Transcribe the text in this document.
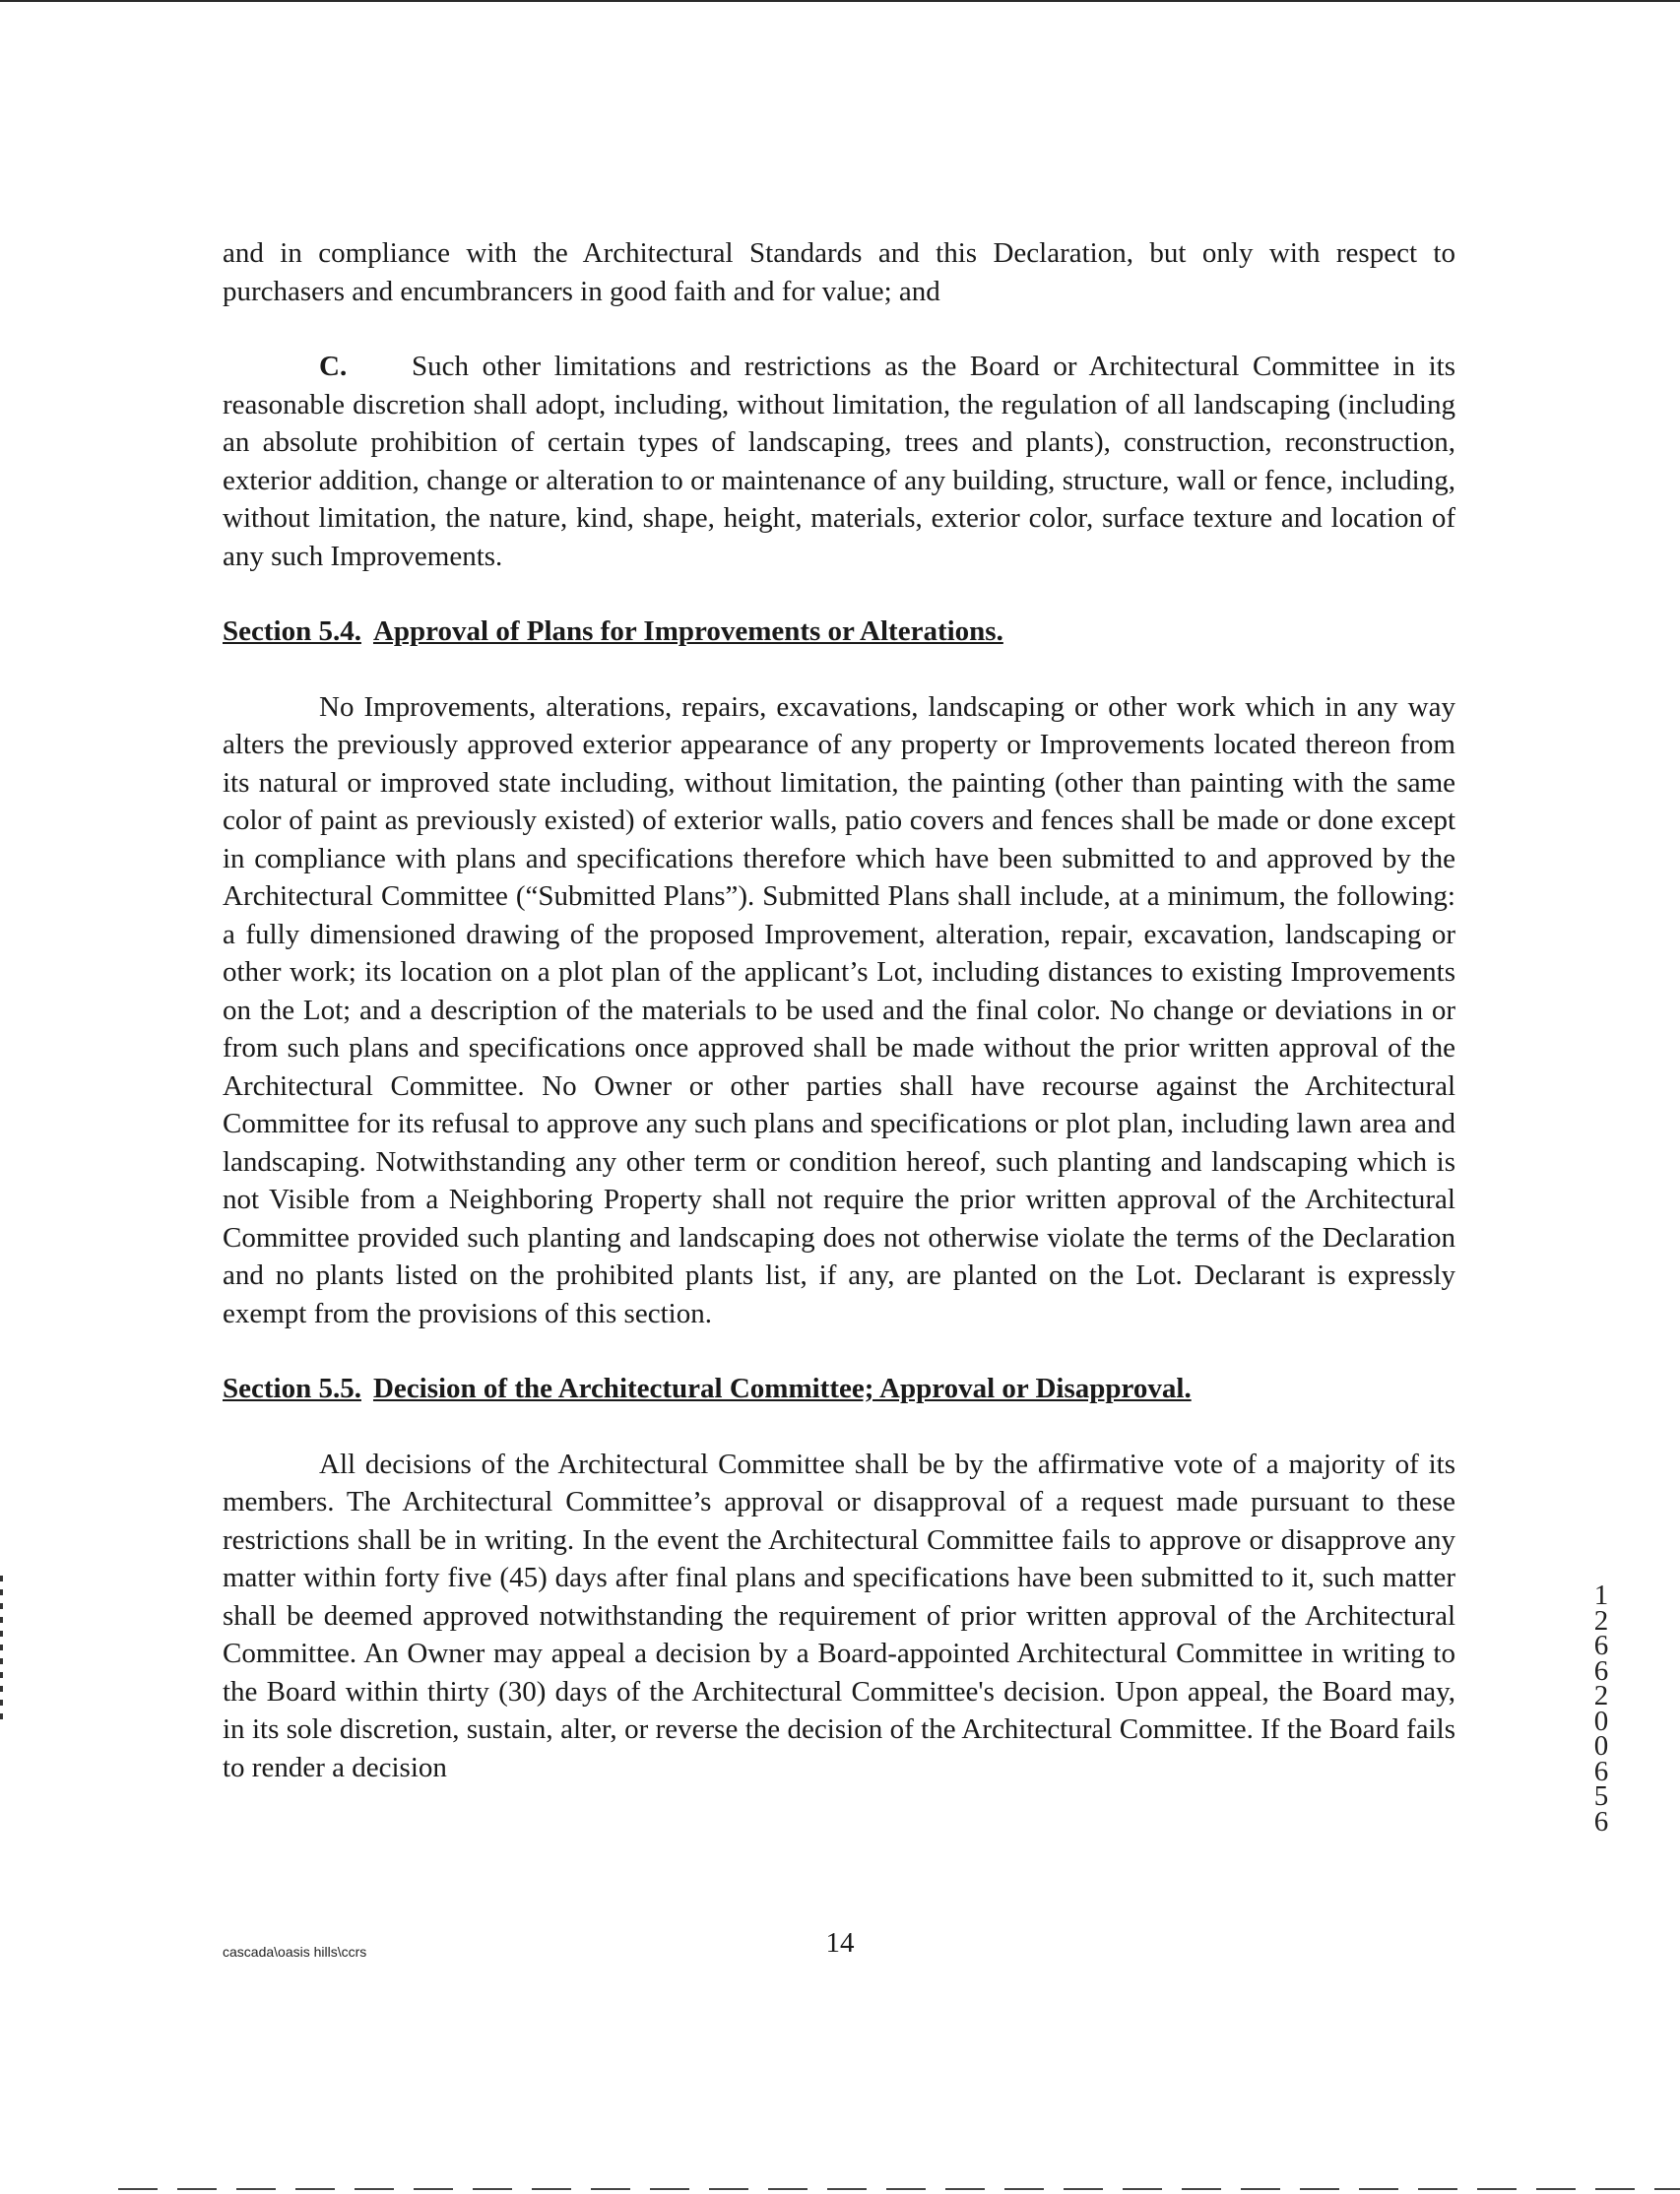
and in compliance with the Architectural Standards and this Declaration, but only with respect to purchasers and encumbrancers in good faith and for value; and

C. Such other limitations and restrictions as the Board or Architectural Committee in its reasonable discretion shall adopt, including, without limitation, the regulation of all landscaping (including an absolute prohibition of certain types of landscaping, trees and plants), construction, reconstruction, exterior addition, change or alteration to or maintenance of any building, structure, wall or fence, including, without limitation, the nature, kind, shape, height, materials, exterior color, surface texture and location of any such Improvements.

Section 5.4. Approval of Plans for Improvements or Alterations.

No Improvements, alterations, repairs, excavations, landscaping or other work which in any way alters the previously approved exterior appearance of any property or Improvements located thereon from its natural or improved state including, without limitation, the painting (other than painting with the same color of paint as previously existed) of exterior walls, patio covers and fences shall be made or done except in compliance with plans and specifications therefore which have been submitted to and approved by the Architectural Committee (“Submitted Plans”). Submitted Plans shall include, at a minimum, the following: a fully dimensioned drawing of the proposed Improvement, alteration, repair, excavation, landscaping or other work; its location on a plot plan of the applicant’s Lot, including distances to existing Improvements on the Lot; and a description of the materials to be used and the final color. No change or deviations in or from such plans and specifications once approved shall be made without the prior written approval of the Architectural Committee. No Owner or other parties shall have recourse against the Architectural Committee for its refusal to approve any such plans and specifications or plot plan, including lawn area and landscaping. Notwithstanding any other term or condition hereof, such planting and landscaping which is not Visible from a Neighboring Property shall not require the prior written approval of the Architectural Committee provided such planting and landscaping does not otherwise violate the terms of the Declaration and no plants listed on the prohibited plants list, if any, are planted on the Lot. Declarant is expressly exempt from the provisions of this section.

Section 5.5. Decision of the Architectural Committee; Approval or Disapproval.

All decisions of the Architectural Committee shall be by the affirmative vote of a majority of its members. The Architectural Committee’s approval or disapproval of a request made pursuant to these restrictions shall be in writing. In the event the Architectural Committee fails to approve or disapprove any matter within forty five (45) days after final plans and specifications have been submitted to it, such matter shall be deemed approved notwithstanding the requirement of prior written approval of the Architectural Committee. An Owner may appeal a decision by a Board-appointed Architectural Committee in writing to the Board within thirty (30) days of the Architectural Committee's decision. Upon appeal, the Board may, in its sole discretion, sustain, alter, or reverse the decision of the Architectural Committee. If the Board fails to render a decision

1
2
6
6
2
0
0
6
5
6
cascada\oasis hills\ccrs	14
